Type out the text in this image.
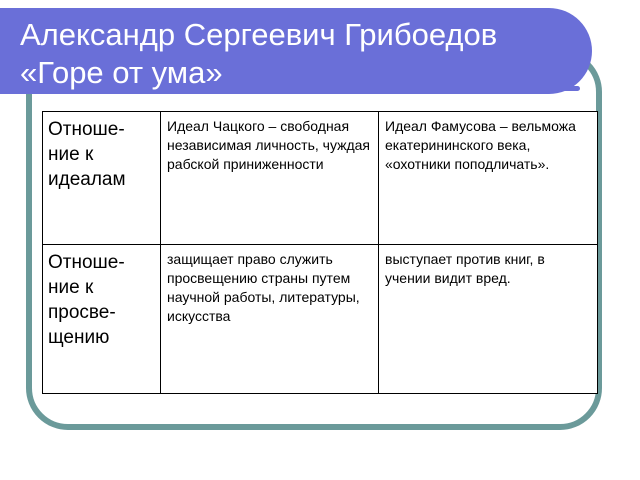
Александр Сергеевич Грибоедов
«Горе от ума»
Отноше-ние к идеалам	Идеал Чацкого – свободная независимая личность, чуждая рабской приниженности	Идеал Фамусова – вельможа екатерининского века, «охотники поподличать».
Отноше-ние к просве-щению	защищает право служить просвещению страны путем научной работы, литературы, искусства	выступает против книг, в учении видит вред.
